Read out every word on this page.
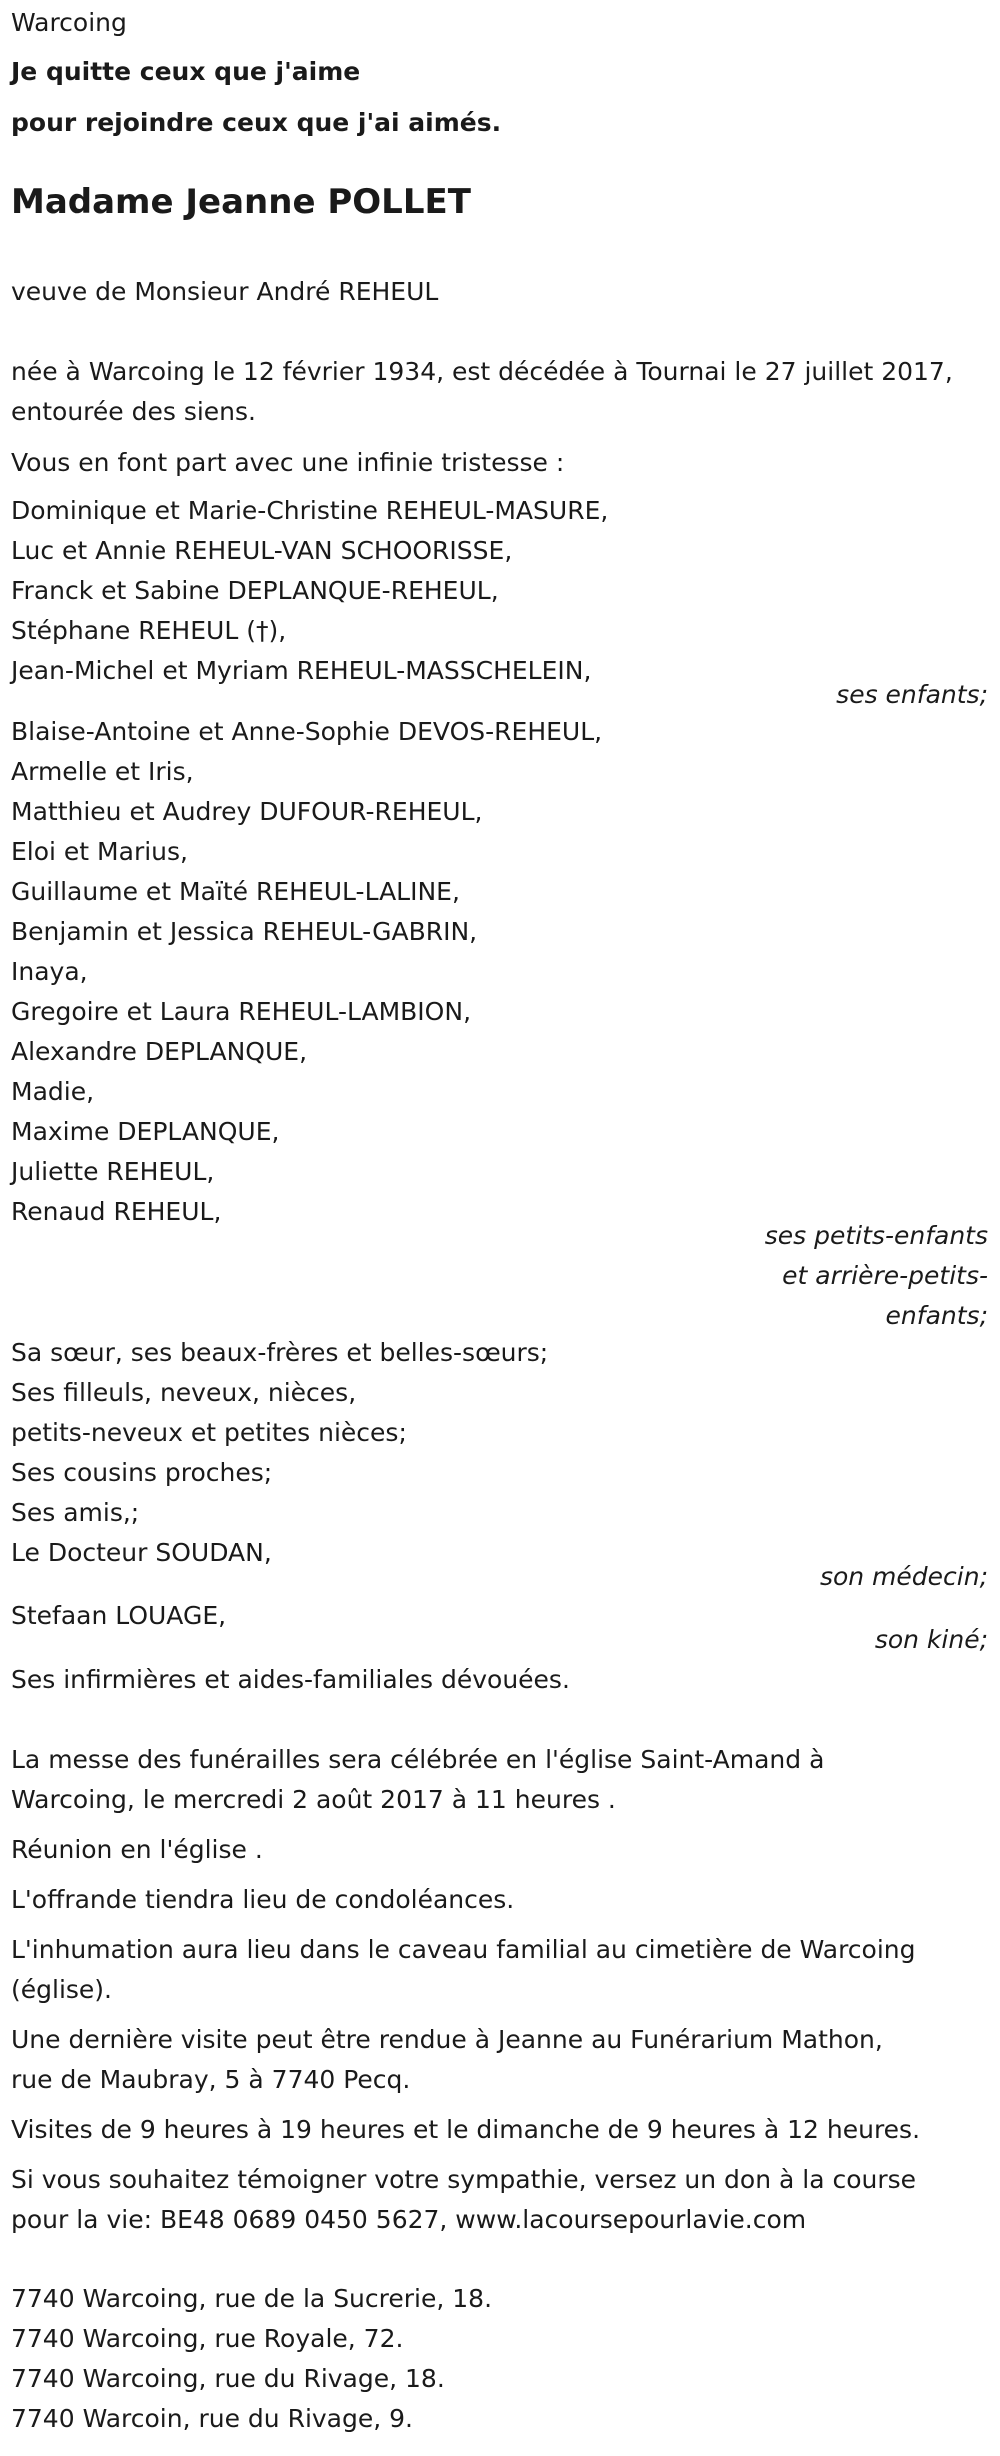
Warcoing
Je quitte ceux que j'aime
pour rejoindre ceux que j'ai aimés.
Madame Jeanne POLLET
veuve de Monsieur André REHEUL
née à Warcoing le 12 février 1934, est décédée à Tournai le 27 juillet 2017,
entourée des siens.
Vous en font part avec une infinie tristesse :
Dominique et Marie-Christine REHEUL-MASURE,
Luc et Annie REHEUL-VAN SCHOORISSE,
Franck et Sabine DEPLANQUE-REHEUL,
Stéphane REHEUL (†),
Jean-Michel et Myriam REHEUL-MASSCHELEIN,
ses enfants;
Blaise-Antoine et Anne-Sophie DEVOS-REHEUL,
Armelle et Iris,
Matthieu et Audrey DUFOUR-REHEUL,
Eloi et Marius,
Guillaume et Maïté REHEUL-LALINE,
Benjamin et Jessica REHEUL-GABRIN,
Inaya,
Gregoire et Laura REHEUL-LAMBION,
Alexandre DEPLANQUE,
Madie,
Maxime DEPLANQUE,
Juliette REHEUL,
Renaud REHEUL,
ses petits-enfants
et arrière-petits-
enfants;
Sa sœur, ses beaux-frères et belles-sœurs;
Ses filleuls, neveux, nièces,
petits-neveux et petites nièces;
Ses cousins proches;
Ses amis,;
Le Docteur SOUDAN,
son médecin;
Stefaan LOUAGE,
son kiné;
Ses infirmières et aides-familiales dévouées.
La messe des funérailles sera célébrée en l'église Saint-Amand à
Warcoing, le mercredi 2 août 2017 à 11 heures .
Réunion en l'église .
L'offrande tiendra lieu de condoléances.
L'inhumation aura lieu dans le caveau familial au cimetière de Warcoing
(église).
Une dernière visite peut être rendue à Jeanne au Funérarium Mathon,
rue de Maubray, 5 à 7740 Pecq.
Visites de 9 heures à 19 heures et le dimanche de 9 heures à 12 heures.
Si vous souhaitez témoigner votre sympathie, versez un don à la course
pour la vie: BE48 0689 0450 5627, www.lacoursepourlavie.com
7740 Warcoing, rue de la Sucrerie, 18.
7740 Warcoing, rue Royale, 72.
7740 Warcoing, rue du Rivage, 18.
7740 Warcoin, rue du Rivage, 9.
